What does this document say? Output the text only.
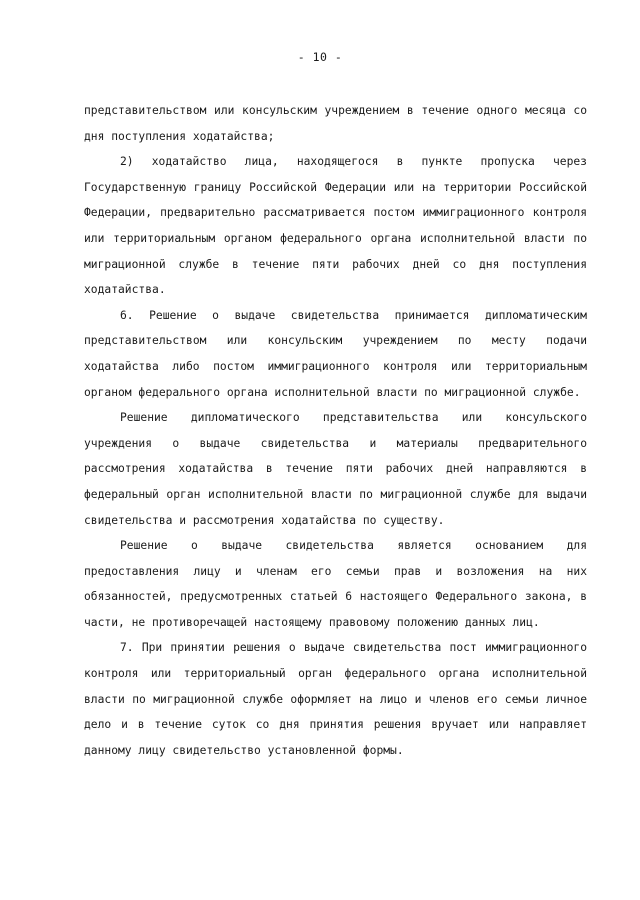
- 10 -

представительством или консульским учреждением в течение одного месяца со дня поступления ходатайства;

2) ходатайство лица, находящегося в пункте пропуска через Государственную границу Российской Федерации или на территории Российской Федерации, предварительно рассматривается постом иммиграционного контроля или территориальным органом федерального органа исполнительной власти по миграционной службе в течение пяти рабочих дней со дня поступления ходатайства.

6. Решение о выдаче свидетельства принимается дипломатическим представительством или консульским учреждением по месту подачи ходатайства либо постом иммиграционного контроля или территориальным органом федерального органа исполнительной власти по миграционной службе.

Решение дипломатического представительства или консульского учреждения о выдаче свидетельства и материалы предварительного рассмотрения ходатайства в течение пяти рабочих дней направляются в федеральный орган исполнительной власти по миграционной службе для выдачи свидетельства и рассмотрения ходатайства по существу.

Решение о выдаче свидетельства является основанием для предоставления лицу и членам его семьи прав и возложения на них обязанностей, предусмотренных статьей 6 настоящего Федерального закона, в части, не противоречащей настоящему правовому положению данных лиц.

7. При принятии решения о выдаче свидетельства пост иммиграционного контроля или территориальный орган федерального органа исполнительной власти по миграционной службе оформляет на лицо и членов его семьи личное дело и в течение суток со дня принятия решения вручает или направляет данному лицу свидетельство установленной формы.
